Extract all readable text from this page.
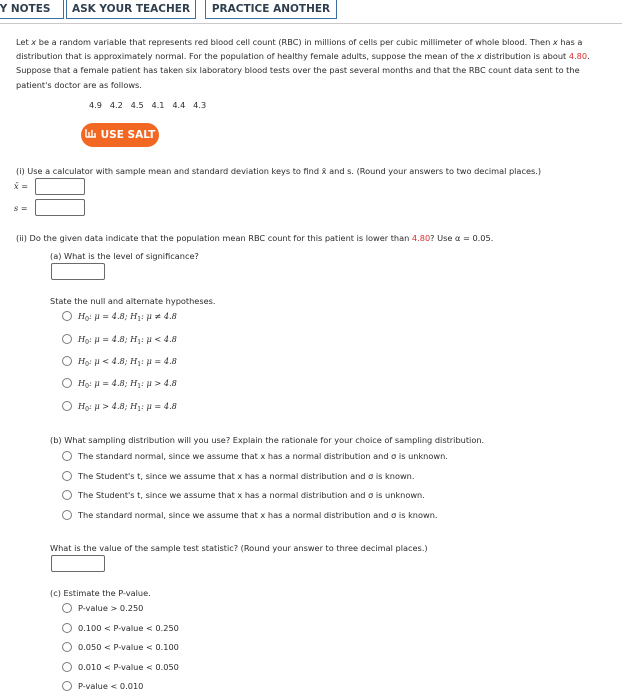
Y NOTES	ASK YOUR TEACHER	PRACTICE ANOTHER
Let x be a random variable that represents red blood cell count (RBC) in millions of cells per cubic millimeter of whole blood. Then x has a distribution that is approximately normal. For the population of healthy female adults, suppose the mean of the x distribution is about 4.80. Suppose that a female patient has taken six laboratory blood tests over the past several months and that the RBC count data sent to the patient's doctor are as follows.
4.9   4.2   4.5   4.1   4.4   4.3
USE SALT
(i) Use a calculator with sample mean and standard deviation keys to find x̄ and s. (Round your answers to two decimal places.)
x̄ =
s =
(ii) Do the given data indicate that the population mean RBC count for this patient is lower than 4.80? Use α = 0.05.
(a) What is the level of significance?
State the null and alternate hypotheses.
$H_0$: μ = 4.8; $H_1$: μ ≠ 4.8
$H_0$: μ = 4.8; $H_1$: μ < 4.8
$H_0$: μ < 4.8; $H_1$: μ = 4.8
$H_0$: μ = 4.8; $H_1$: μ > 4.8
$H_0$: μ > 4.8; $H_1$: μ = 4.8
(b) What sampling distribution will you use? Explain the rationale for your choice of sampling distribution.
The standard normal, since we assume that x has a normal distribution and σ is unknown.
The Student's t, since we assume that x has a normal distribution and σ is known.
The Student's t, since we assume that x has a normal distribution and σ is unknown.
The standard normal, since we assume that x has a normal distribution and σ is known.
What is the value of the sample test statistic? (Round your answer to three decimal places.)
(c) Estimate the P-value.
P-value > 0.250
0.100 < P-value < 0.250
0.050 < P-value < 0.100
0.010 < P-value < 0.050
P-value < 0.010
